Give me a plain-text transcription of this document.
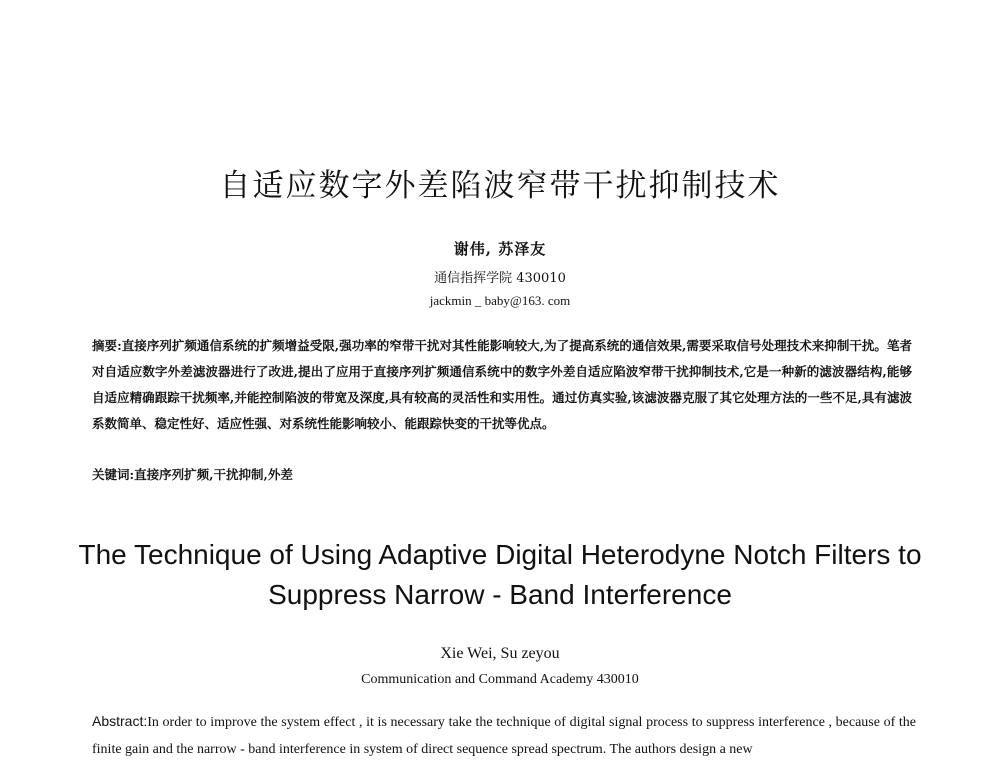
自适应数字外差陷波窄带干扰抑制技术
谢伟, 苏泽友
通信指挥学院 430010
jackmin _ baby@163. com
摘要:直接序列扩频通信系统的扩频增益受限,强功率的窄带干扰对其性能影响较大,为了提高系统的通信效果,需要采取信号处理技术来抑制干扰。笔者对自适应数字外差滤波器进行了改进,提出了应用于直接序列扩频通信系统中的数字外差自适应陷波窄带干扰抑制技术,它是一种新的滤波器结构,能够自适应精确跟踪干扰频率,并能控制陷波的带宽及深度,具有较高的灵活性和实用性。通过仿真实验,该滤波器克服了其它处理方法的一些不足,具有滤波系数简单、稳定性好、适应性强、对系统性能影响较小、能跟踪快变的干扰等优点。
关键词:直接序列扩频,干扰抑制,外差
The Technique of Using Adaptive Digital Heterodyne Notch Filters to
Suppress Narrow - Band Interference
Xie Wei, Su zeyou
Communication and Command Academy 430010
Abstract:In order to improve the system effect , it is necessary take the technique of digital signal process to suppress interference , because of the finite gain and the narrow - band interference in system of direct sequence spread spectrum. The authors design a new
